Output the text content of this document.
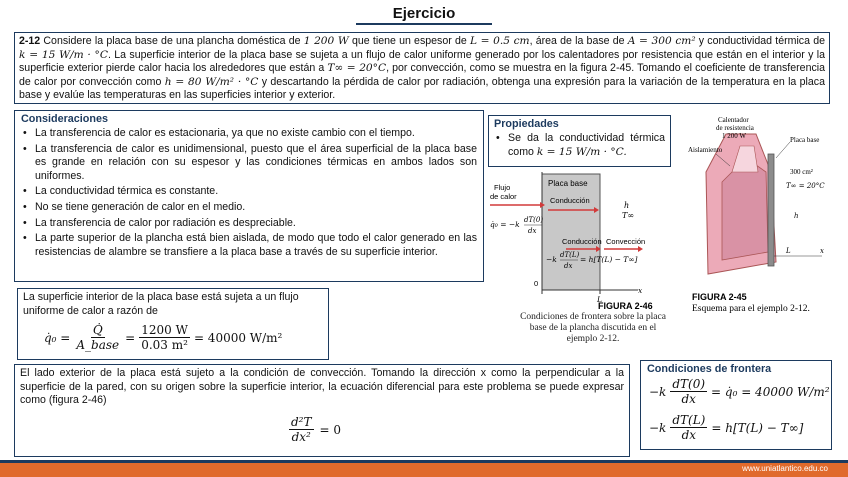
Ejercicio
2-12 Considere la placa base de una plancha doméstica de 1 200 W que tiene un espesor de L = 0.5 cm, área de la base de A = 300 cm² y conductividad térmica de k = 15 W/m · °C. La superficie interior de la placa base se sujeta a un flujo de calor uniforme generado por los calentadores por resistencia que están en el interior y la superficie exterior pierde calor hacia los alrededores que están a T∞ = 20°C, por convección, como se muestra en la figura 2-45. Tomando el coeficiente de transferencia de calor por convección como h = 80 W/m² · °C y descartando la pérdida de calor por radiación, obtenga una expresión para la variación de la temperatura en la placa base y evalúe las temperaturas en las superficies interior y exterior.
Consideraciones
• La transferencia de calor es estacionaria, ya que no existe cambio con el tiempo.
• La transferencia de calor es unidimensional, puesto que el área superficial de la placa base es grande en relación con su espesor y las condiciones térmicas en ambos lados son uniformes.
• La conductividad térmica es constante.
• No se tiene generación de calor en el medio.
• La transferencia de calor por radiación es despreciable.
• La parte superior de la plancha está bien aislada, de modo que todo el calor generado en las resistencias de alambre se transfiere a la placa base a través de su superficie interior.
La superficie interior de la placa base está sujeta a un flujo uniforme de calor a razón de
q̇₀ = $\frac{Q̇}{\text{A\_base}} = \frac{1200 W}{\text{0.03 m²}} = 40000$ W/m²
Propiedades
• Se da la conductividad térmica como k = 15 W/m · °C.
Placa base
Flujo
de calor	Conducción
h
T∞
q̇₀ = −k dT(0)
dx
Conducción Convección
−k dT(L)
dx
= h[T(L) − T∞]
0
L
x
FIGURA 2-46
Condiciones de frontera sobre la placa base de la plancha discutida en el ejemplo 2-12.
Calentador
de resistencia
1 200 W	Placa base
Aislamiento
300 cm²
T∞ = 20°C
h
L	x
FIGURA 2-45
Esquema para el ejemplo 2-12.
El lado exterior de la placa está sujeto a la condición de convección. Tomando la dirección x como la perpendicular a la superficie de la pared, con su origen sobre la superficie interior, la ecuación diferencial para este problema se puede expresar como (figura 2-46)
$\frac{\text{d²T}}{\text{dx²}} = 0$
Condiciones de frontera
$-k \frac{dT(0)}{dx}$ = q̇₀ = 40000 W/m²
$-k \frac{dT(L)}{dx} = h[T(L) - T\infty]$
www.uniatlantico.edu.co
